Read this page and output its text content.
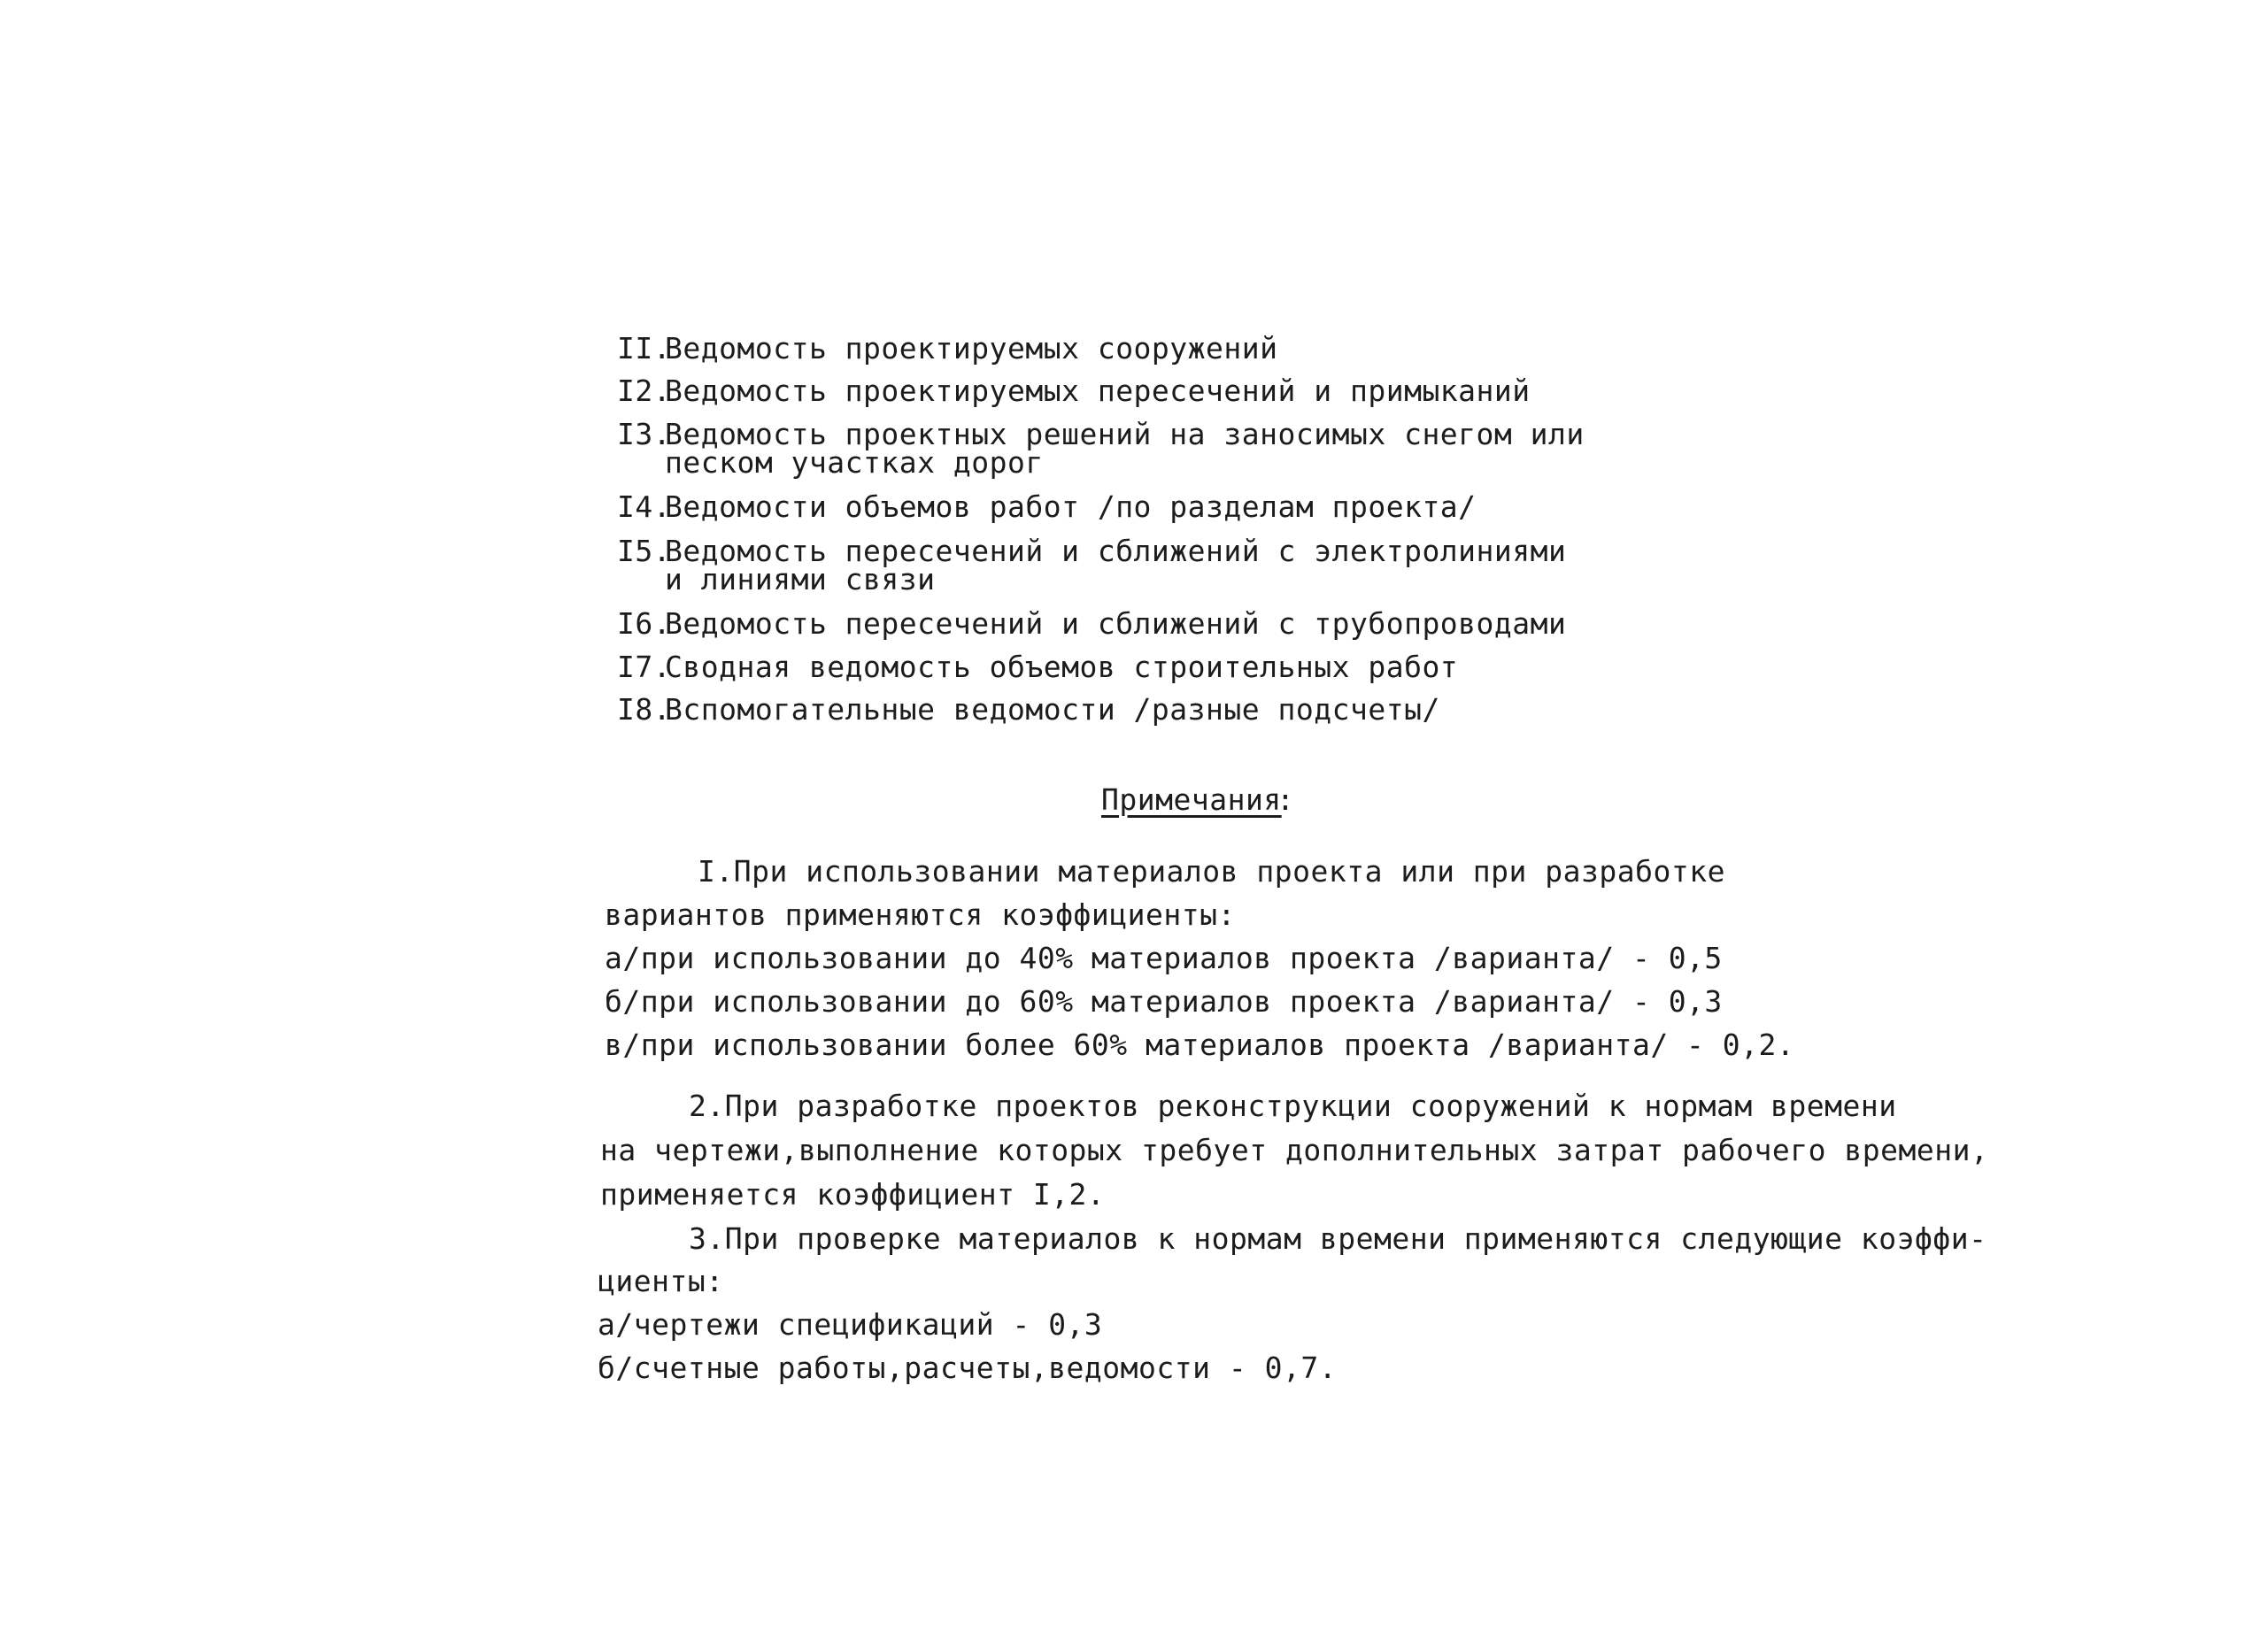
II.
Ведомость проектируемых сооружений
I2.
Ведомость проектируемых пересечений и примыканий
I3.
Ведомость проектных решений на заносимых снегом или
песком участках дорог
I4.
Ведомости объемов работ /по разделам проекта/
I5.
Ведомость пересечений и сближений с электролиниями
и линиями связи
I6.
Ведомость пересечений и сближений с трубопроводами
I7.
Сводная ведомость объемов строительных работ
I8.
Вспомогательные ведомости /разные подсчеты/
Примечания
:
I.При использовании материалов проекта или при разработке
вариантов применяются коэффициенты:
а/при использовании до 40% материалов проекта /варианта/ - 0,5
б/при использовании до 60% материалов проекта /варианта/ - 0,3
в/при использовании более 60% материалов проекта /варианта/ - 0,2.
2.При разработке проектов реконструкции сооружений к нормам времени
на чертежи,выполнение которых требует дополнительных затрат рабочего времени,
применяется коэффициент I,2.
3.При проверке материалов к нормам времени применяются следующие коэффи-
циенты:
а/чертежи спецификаций - 0,3
б/счетные работы,расчеты,ведомости - 0,7.
